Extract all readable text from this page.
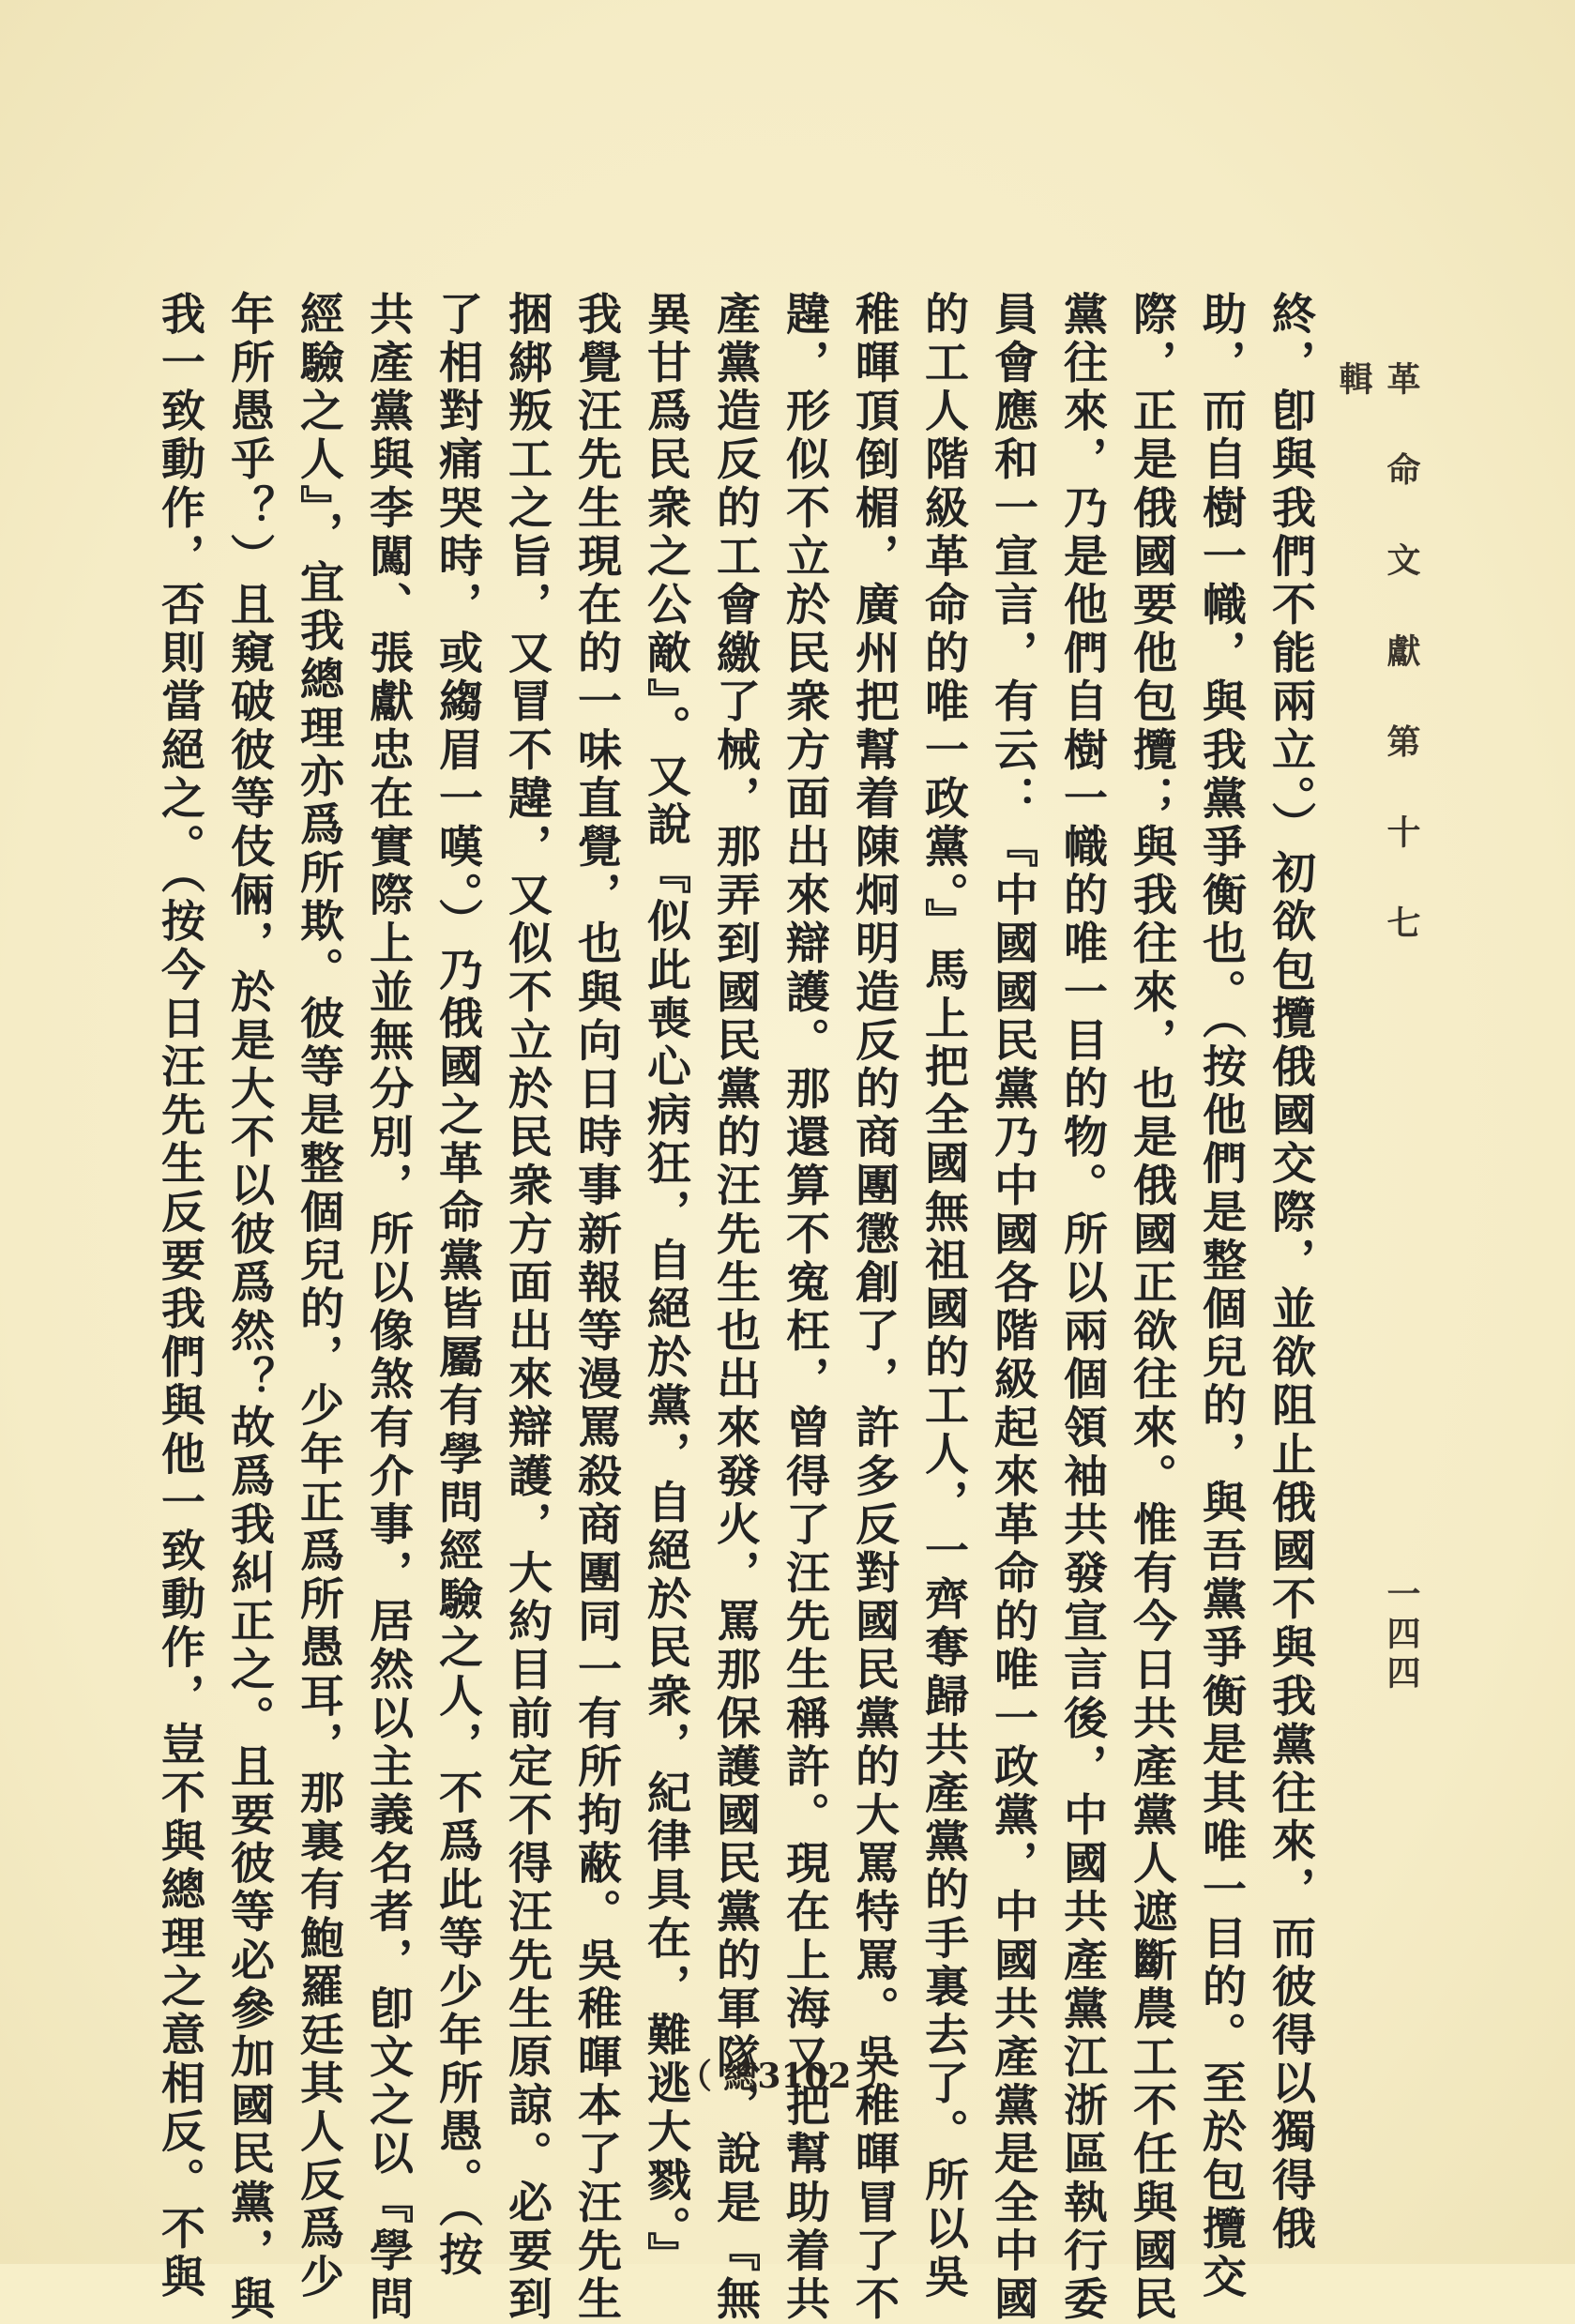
革 命 文 獻 第 十 七 輯
一四四
終，卽與我們不能兩立。）初欲包攬俄國交際，並欲阻止俄國不與我黨往來，而彼得以獨得俄
助，而自樹一幟，與我黨爭衡也。（按他們是整個兒的，與吾黨爭衡是其唯一目的。至於包攬交
際，正是俄國要他包攬；與我往來，也是俄國正欲往來。惟有今日共產黨人遮斷農工不任與國民
黨往來，乃是他們自樹一幟的唯一目的物。所以兩個領袖共發宣言後，中國共產黨江浙區執行委
員會應和一宣言，有云：『中國國民黨乃中國各階級起來革命的唯一政黨，中國共產黨是全中國
的工人階級革命的唯一政黨。』馬上把全國無祖國的工人，一齊奪歸共產黨的手裏去了。所以吳
稚暉頂倒楣，廣州把幫着陳炯明造反的商團懲創了，許多反對國民黨的大罵特罵。吳稚暉冒了不
韙，形似不立於民衆方面出來辯護。那還算不寃枉，曾得了汪先生稱許。現在上海又把幫助着共
產黨造反的工會繳了械，那弄到國民黨的汪先生也出來發火，罵那保護國民黨的軍隊，說是『無
異甘爲民衆之公敵』。又說『似此喪心病狂，自絕於黨，自絕於民衆，紀律具在，難逃大戮。』
我覺汪先生現在的一味直覺，也與向日時事新報等漫罵殺商團同一有所拘蔽。吳稚暉本了汪先生
捆綁叛工之旨，又冒不韙，又似不立於民衆方面出來辯護，大約目前定不得汪先生原諒。必要到
了相對痛哭時，或縐眉一嘆。）乃俄國之革命黨皆屬有學問經驗之人，不爲此等少年所愚。（按
共產黨與李闖、張獻忠在實際上並無分別，所以像煞有介事，居然以主義名者，卽文之以『學問
經驗之人』，宜我總理亦爲所欺。彼等是整個兒的，少年正爲所愚耳，那裏有鮑羅廷其人反爲少
年所愚乎？）且窺破彼等伎倆，於是大不以彼爲然？故爲我糾正之。且要彼等必參加國民黨，與
我一致動作，否則當絕之。（按今日汪先生反要我們與他一致動作，豈不與總理之意相反。不與	（ 總3102 ）
